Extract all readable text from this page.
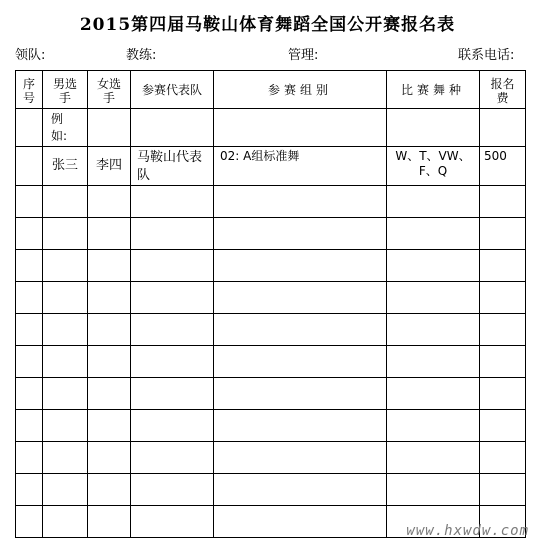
2015第四届马鞍山体育舞蹈全国公开赛报名表
领队:	教练:	管理:	联系电话:
序号	男选手	女选手	参赛代表队	参赛组别	比赛舞种	报名费
	例如:					
	张三	李四	马鞍山代表队	02: A组标准舞	W、T、VW、F、Q	500

www.hxwdw.com
